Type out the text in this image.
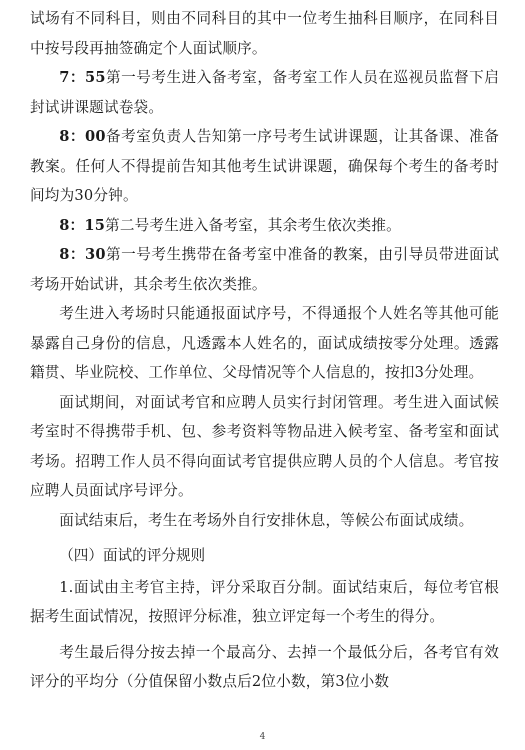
试场有不同科目，则由不同科目的其中一位考生抽科目顺序，在同科目中按号段再抽签确定个人面试顺序。

7：55第一号考生进入备考室，备考室工作人员在巡视员监督下启封试讲课题试卷袋。

8：00备考室负责人告知第一序号考生试讲课题，让其备课、准备教案。任何人不得提前告知其他考生试讲课题，确保每个考生的备考时间均为30分钟。

8：15第二号考生进入备考室，其余考生依次类推。

8：30第一号考生携带在备考室中准备的教案，由引导员带进面试考场开始试讲，其余考生依次类推。

考生进入考场时只能通报面试序号，不得通报个人姓名等其他可能暴露自己身份的信息，凡透露本人姓名的，面试成绩按零分处理。透露籍贯、毕业院校、工作单位、父母情况等个人信息的，按扣3分处理。

面试期间，对面试考官和应聘人员实行封闭管理。考生进入面试候考室时不得携带手机、包、参考资料等物品进入候考室、备考室和面试考场。招聘工作人员不得向面试考官提供应聘人员的个人信息。考官按应聘人员面试序号评分。

面试结束后，考生在考场外自行安排休息，等候公布面试成绩。

（四）面试的评分规则

1.面试由主考官主持，评分采取百分制。面试结束后，每位考官根据考生面试情况，按照评分标准，独立评定每一个考生的得分。

考生最后得分按去掉一个最高分、去掉一个最低分后，各考官有效评分的平均分（分值保留小数点后2位小数，第3位小数

4
